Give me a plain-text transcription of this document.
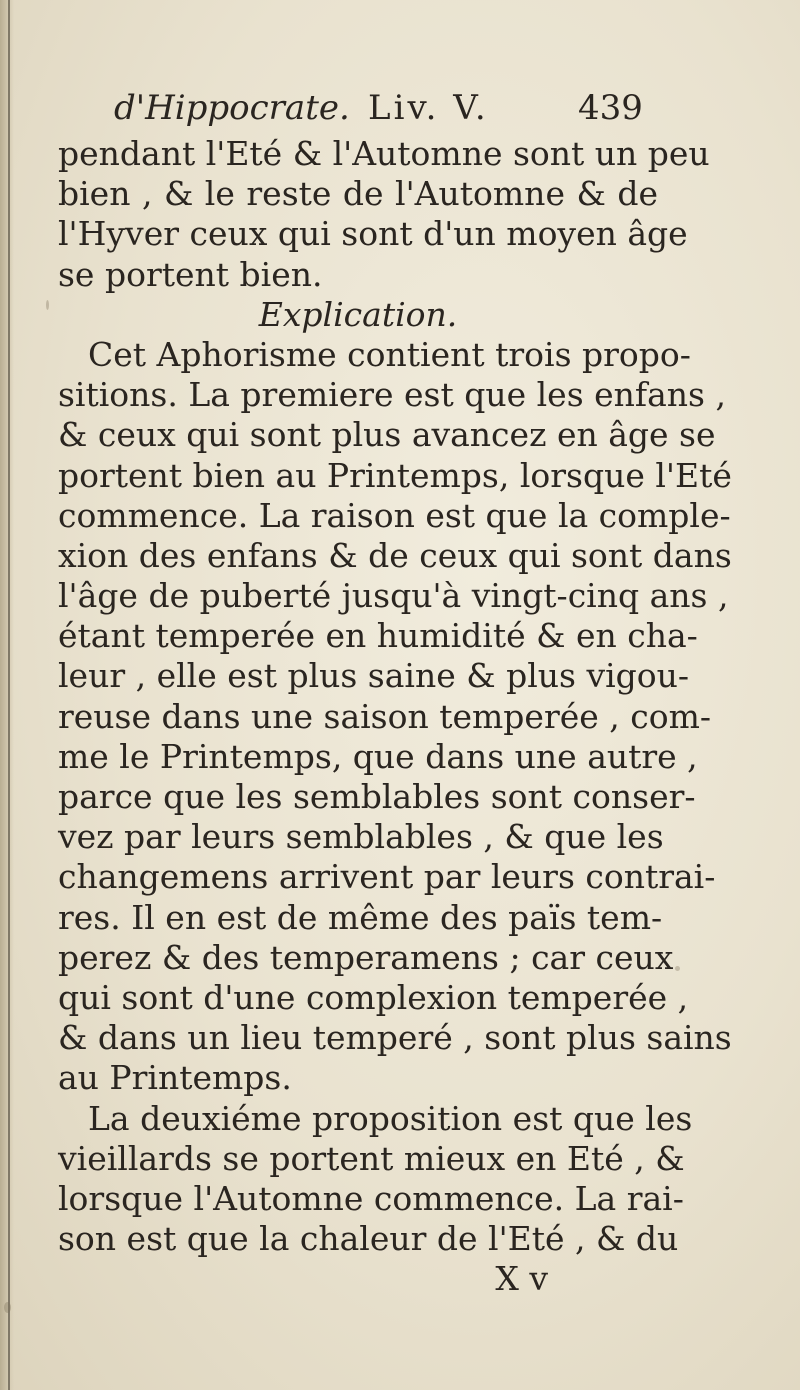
d'Hippocrate. Liv. V.	439
pendant l'Eté & l'Automne sont un peu
bien , & le reste de l'Automne & de
l'Hyver ceux qui sont d'un moyen âge
se portent bien.
Explication.
Cet Aphorisme contient trois propo-
sitions. La premiere est que les enfans ,
& ceux qui sont plus avancez en âge se
portent bien au Printemps, lorsque l'Eté
commence. La raison est que la comple-
xion des enfans & de ceux qui sont dans
l'âge de puberté jusqu'à vingt-cinq ans ,
étant temperée en humidité & en cha-
leur , elle est plus saine & plus vigou-
reuse dans une saison temperée , com-
me le Printemps, que dans une autre ,
parce que les semblables sont conser-
vez par leurs semblables , & que les
changemens arrivent par leurs contrai-
res. Il en est de même des païs tem-
perez & des temperamens ; car ceux
qui sont d'une complexion temperée ,
& dans un lieu temperé , sont plus sains
au Printemps.
La deuxiéme proposition est que les
vieillards se portent mieux en Eté , &
lorsque l'Automne commence. La rai-
son est que la chaleur de l'Eté , & du
X v
